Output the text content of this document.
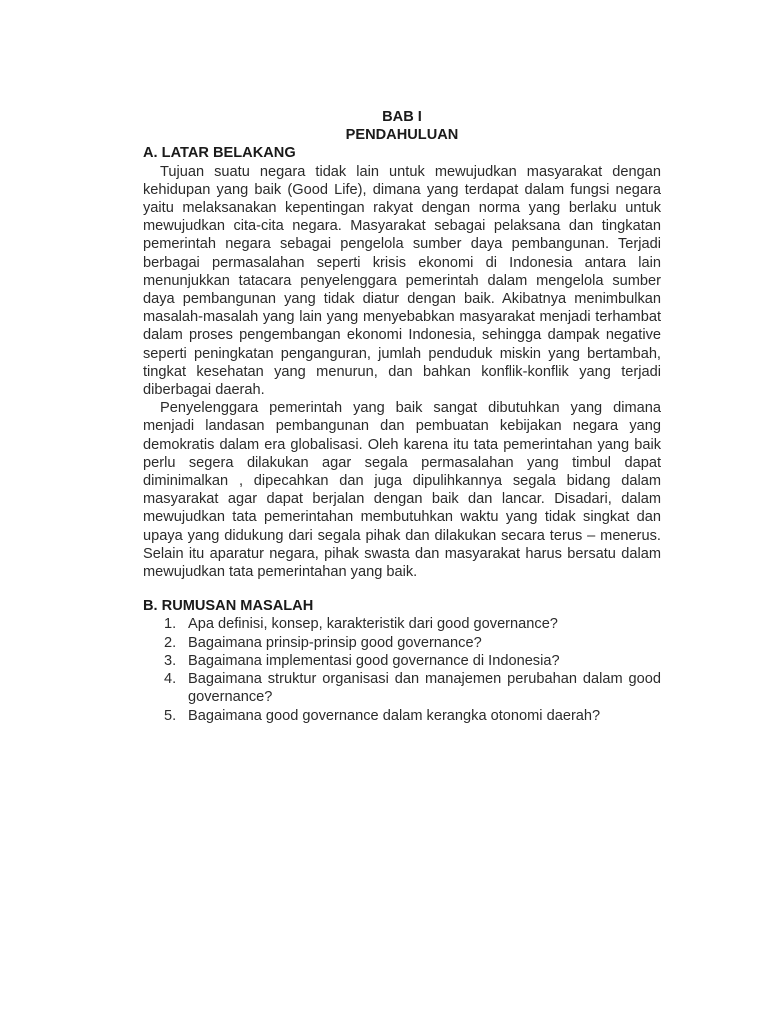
BAB I
PENDAHULUAN
A. LATAR BELAKANG

Tujuan suatu negara tidak lain untuk mewujudkan masyarakat dengan kehidupan yang baik (Good Life), dimana yang terdapat dalam fungsi negara yaitu melaksanakan kepentingan rakyat dengan norma yang berlaku untuk mewujudkan cita-cita negara. Masyarakat sebagai pelaksana dan tingkatan pemerintah negara sebagai pengelola sumber daya pembangunan. Terjadi berbagai permasalahan seperti krisis ekonomi di Indonesia antara lain menunjukkan tatacara penyelenggara pemerintah dalam mengelola sumber daya pembangunan yang tidak diatur dengan baik. Akibatnya menimbulkan masalah-masalah yang lain yang menyebabkan masyarakat menjadi terhambat dalam proses pengembangan ekonomi Indonesia, sehingga dampak negative seperti peningkatan penganguran, jumlah penduduk miskin yang bertambah, tingkat kesehatan yang menurun, dan bahkan konflik-konflik yang terjadi diberbagai daerah.

Penyelenggara pemerintah yang baik sangat dibutuhkan yang dimana menjadi landasan pembangunan dan pembuatan kebijakan negara yang demokratis dalam era globalisasi. Oleh karena itu tata pemerintahan yang baik perlu segera dilakukan agar segala permasalahan yang timbul dapat diminimalkan , dipecahkan dan juga dipulihkannya segala bidang dalam masyarakat agar dapat berjalan dengan baik dan lancar. Disadari, dalam mewujudkan tata pemerintahan membutuhkan waktu yang tidak singkat dan upaya yang didukung dari segala pihak dan dilakukan secara terus – menerus. Selain itu aparatur negara, pihak swasta dan masyarakat harus bersatu dalam mewujudkan tata pemerintahan yang baik.

B. RUMUSAN MASALAH
1. Apa definisi, konsep, karakteristik dari good governance?
2. Bagaimana prinsip-prinsip good governance?
3. Bagaimana implementasi good governance di Indonesia?
4. Bagaimana struktur organisasi dan manajemen perubahan dalam good governance?
5. Bagaimana good governance dalam kerangka otonomi daerah?
